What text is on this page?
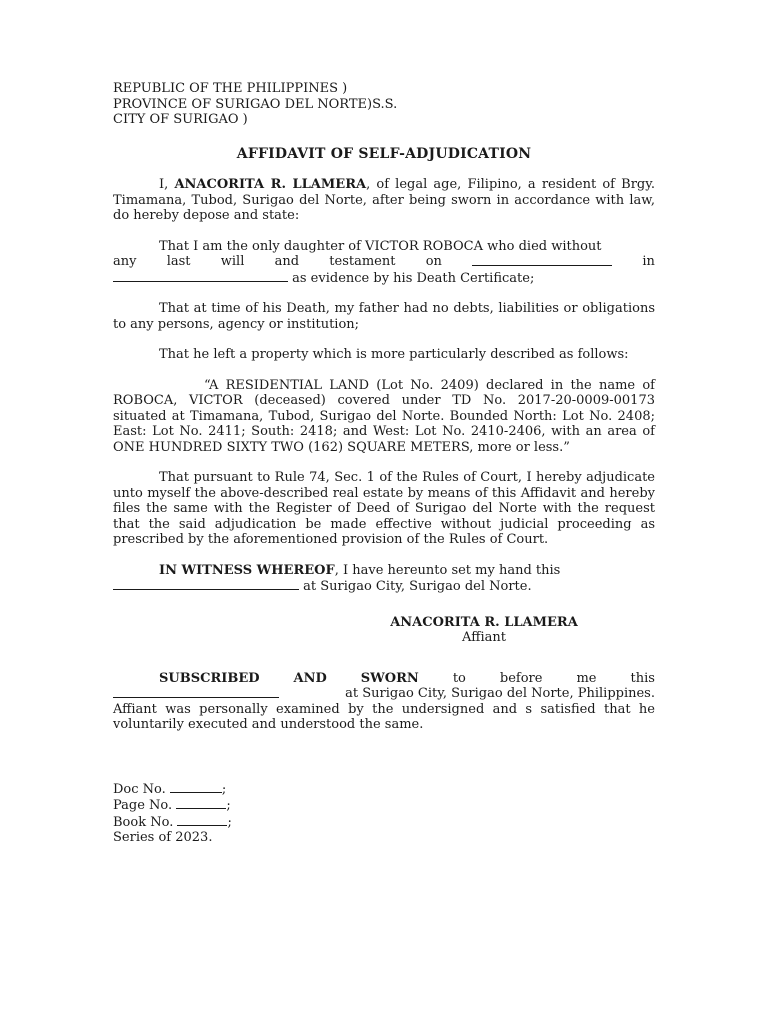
REPUBLIC OF THE PHILIPPINES )
PROVINCE OF SURIGAO DEL NORTE)S.S.
CITY OF SURIGAO )
AFFIDAVIT OF SELF-ADJUDICATION

I, ANACORITA R. LLAMERA, of legal age, Filipino, a resident of Brgy. Timamana, Tubod, Surigao del Norte, after being sworn in accordance with law, do hereby depose and state:

That I am the only daughter of VICTOR ROBOCA who died without

any last will and testament on	in
as evidence by his Death Certificate;

That at time of his Death, my father had no debts, liabilities or obligations to any persons, agency or institution;

That he left a property which is more particularly described as follows:

“A RESIDENTIAL LAND (Lot No. 2409) declared in the name of ROBOCA, VICTOR (deceased) covered under TD No. 2017-20-0009-00173 situated at Timamana, Tubod, Surigao del Norte. Bounded North: Lot No. 2408; East: Lot No. 2411; South: 2418; and West: Lot No. 2410-2406, with an area of ONE HUNDRED SIXTY TWO (162) SQUARE METERS, more or less.”

That pursuant to Rule 74, Sec. 1 of the Rules of Court, I hereby adjudicate unto myself the above-described real estate by means of this Affidavit and hereby files the same with the Register of Deed of Surigao del Norte with the request that the said adjudication be made effective without judicial proceeding as prescribed by the aforementioned provision of the Rules of Court.

IN WITNESS WHEREOF, I have hereunto set my hand this

at Surigao City, Surigao del Norte.
ANACORITA R. LLAMERA
Affiant
SUBSCRIBED	AND	SWORN	to	before	me	this
at Surigao City, Surigao del Norte, Philippines.

Affiant was personally examined by the undersigned and s satisfied that he voluntarily executed and understood the same.

Doc No.	;
Page No.	;
Book No.	;
Series of 2023.
